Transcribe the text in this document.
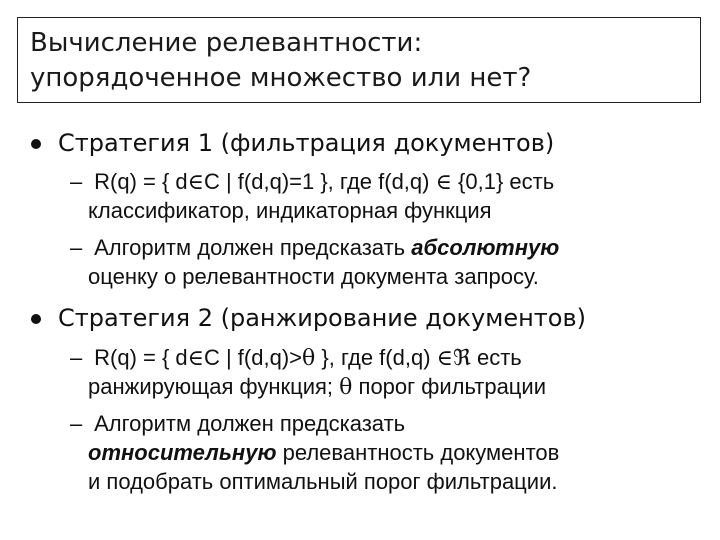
Вычисление релевантности:
упорядоченное множество или нет?
Стратегия 1 (фильтрация документов)
– R(q) = { d∈C | f(d,q)=1 }, где f(d,q) ∈ {0,1} есть
классификатор, индикаторная функция
– Алгоритм должен предсказать абсолютную
оценку о релевантности документа запросу.
Стратегия 2 (ранжирование документов)
– R(q) = { d∈C | f(d,q)>θ }, где f(d,q) ∈ℜ есть
ранжирующая функция; θ порог фильтрации
– Алгоритм должен предсказать
относительную релевантность документов
и подобрать оптимальный порог фильтрации.
